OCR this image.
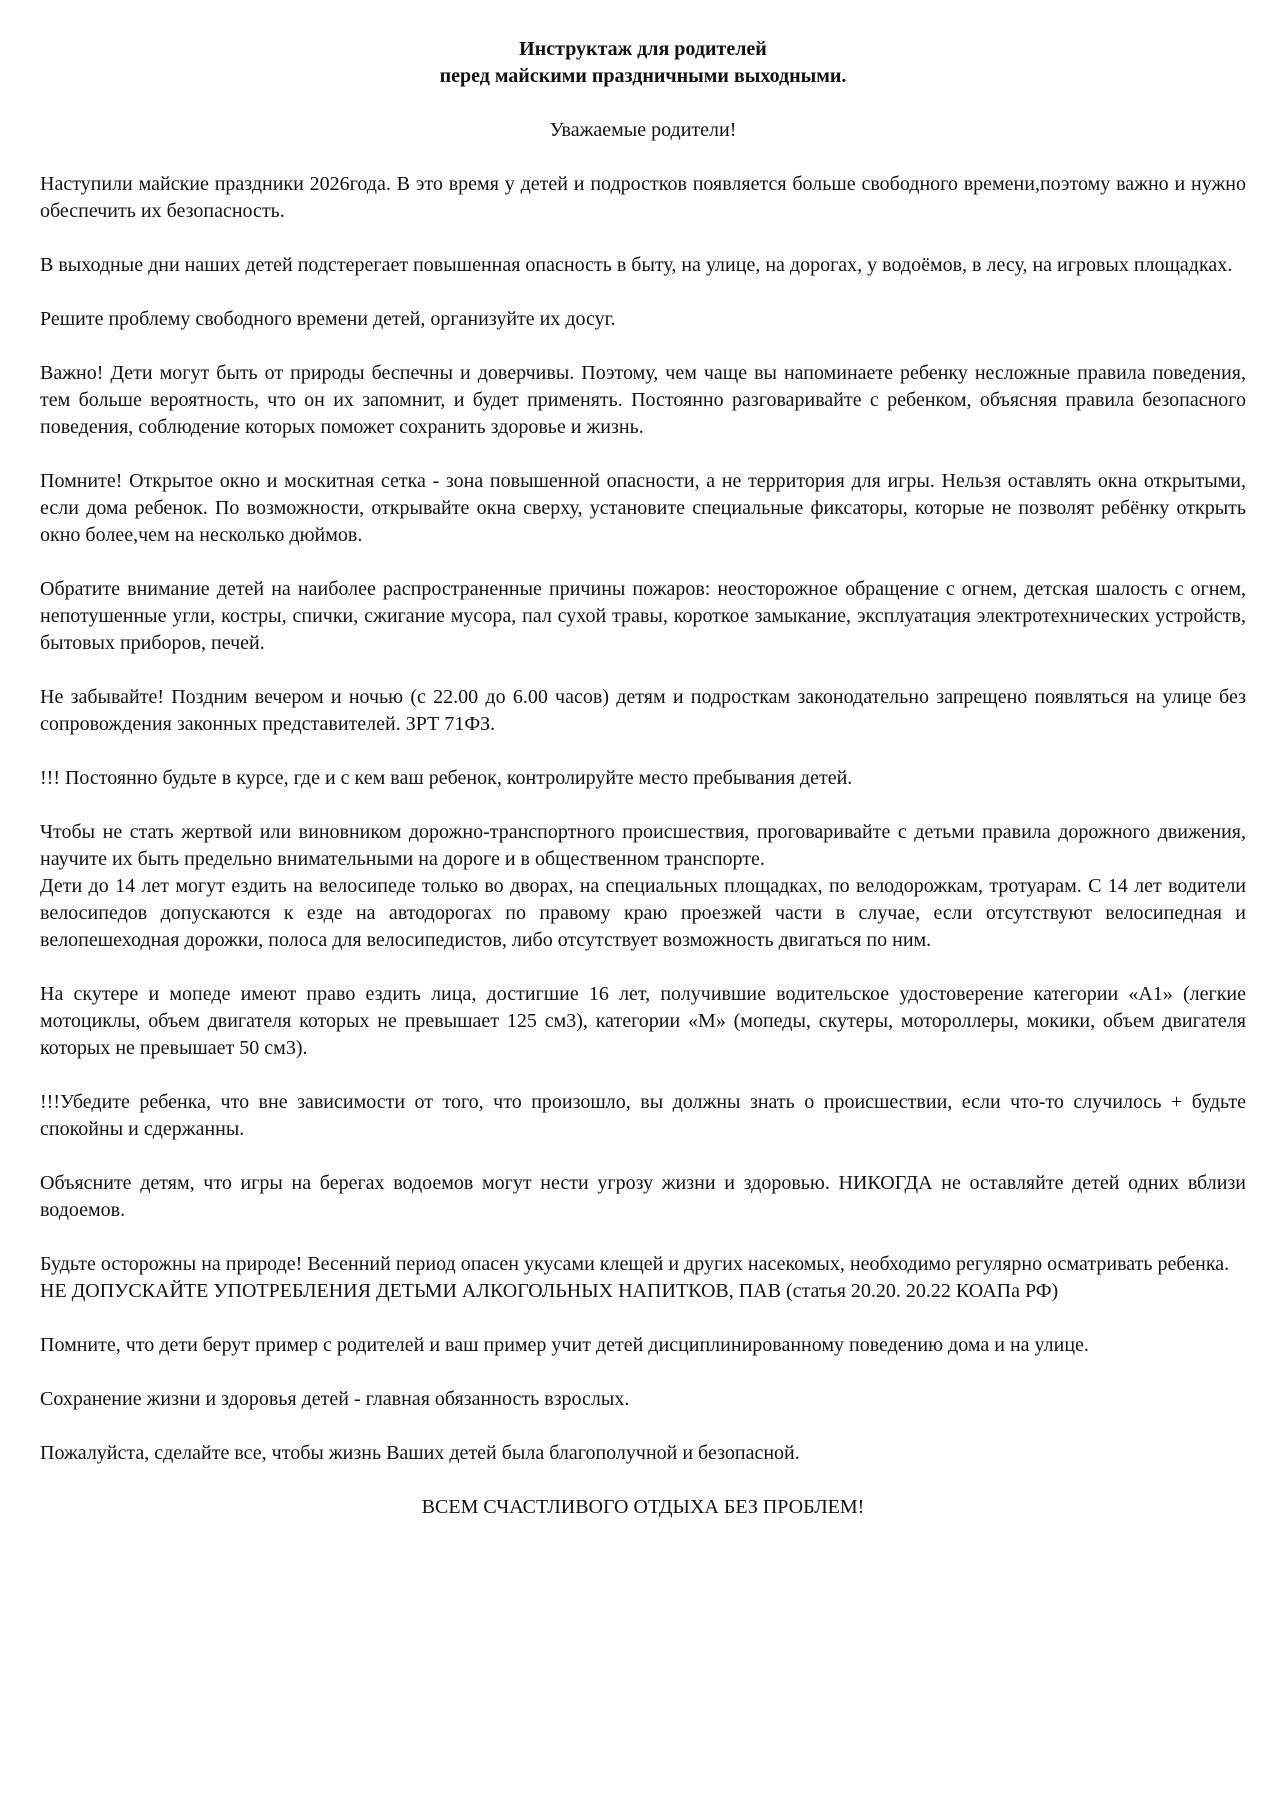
Инструктаж для родителей

перед майскими праздничными выходными.

Уважаемые родители!

Наступили майские праздники 2026года. В это время у детей и подростков появляется больше свободного времени,поэтому важно и нужно обеспечить их безопасность.

В выходные дни наших детей подстерегает повышенная опасность в быту, на улице, на дорогах, у водоёмов, в лесу, на игровых площадках.

Решите проблему свободного времени детей, организуйте их досуг.

Важно! Дети могут быть от природы беспечны и доверчивы. Поэтому, чем чаще вы напоминаете ребенку несложные правила поведения, тем больше вероятность, что он их запомнит, и будет применять. Постоянно разговаривайте с ребенком, объясняя правила безопасного поведения, соблюдение которых поможет сохранить здоровье и жизнь.

Помните! Открытое окно и москитная сетка - зона повышенной опасности, а не территория для игры. Нельзя оставлять окна открытыми, если дома ребенок. По возможности, открывайте окна сверху, установите специальные фиксаторы, которые не позволят ребёнку открыть окно более,чем на несколько дюймов.

Обратите внимание детей на наиболее распространенные причины пожаров: неосторожное обращение с огнем, детская шалость с огнем, непотушенные угли, костры, спички, сжигание мусора, пал сухой травы, короткое замыкание, эксплуатация электротехнических устройств, бытовых приборов, печей.

Не забывайте! Поздним вечером и ночью (с 22.00 до 6.00 часов) детям и подросткам законодательно запрещено появляться на улице без сопровождения законных представителей. ЗРТ 71ФЗ.

!!! Постоянно будьте в курсе, где и с кем ваш ребенок, контролируйте место пребывания детей.

Чтобы не стать жертвой или виновником дорожно-транспортного происшествия, проговаривайте с детьми правила дорожного движения, научите их быть предельно внимательными на дороге и в общественном транспорте.

Дети до 14 лет могут ездить на велосипеде только во дворах, на специальных площадках, по велодорожкам, тротуарам. С 14 лет водители велосипедов допускаются к езде на автодорогах по правому краю проезжей части в случае, если отсутствуют велосипедная и велопешеходная дорожки, полоса для велосипедистов, либо отсутствует возможность двигаться по ним.

На скутере и мопеде имеют право ездить лица, достигшие 16 лет, получившие водительское удостоверение категории «А1» (легкие мотоциклы, объем двигателя которых не превышает 125 см3), категории «М» (мопеды, скутеры, мотороллеры, мокики, объем двигателя которых не превышает 50 см3).

!!!Убедите ребенка, что вне зависимости от того, что произошло, вы должны знать о происшествии, если что-то случилось + будьте спокойны и сдержанны.

Объясните детям, что игры на берегах водоемов могут нести угрозу жизни и здоровью. НИКОГДА не оставляйте детей одних вблизи водоемов.

Будьте осторожны на природе! Весенний период опасен укусами клещей и других насекомых, необходимо регулярно осматривать ребенка.

НЕ ДОПУСКАЙТЕ УПОТРЕБЛЕНИЯ ДЕТЬМИ АЛКОГОЛЬНЫХ НАПИТКОВ, ПАВ (статья 20.20. 20.22 КОАПа РФ)

Помните, что дети берут пример с родителей и ваш пример учит детей дисциплинированному поведению дома и на улице.

Сохранение жизни и здоровья детей - главная обязанность взрослых.

Пожалуйста, сделайте все, чтобы жизнь Ваших детей была благополучной и безопасной.

ВСЕМ СЧАСТЛИВОГО ОТДЫХА БЕЗ ПРОБЛЕМ!
